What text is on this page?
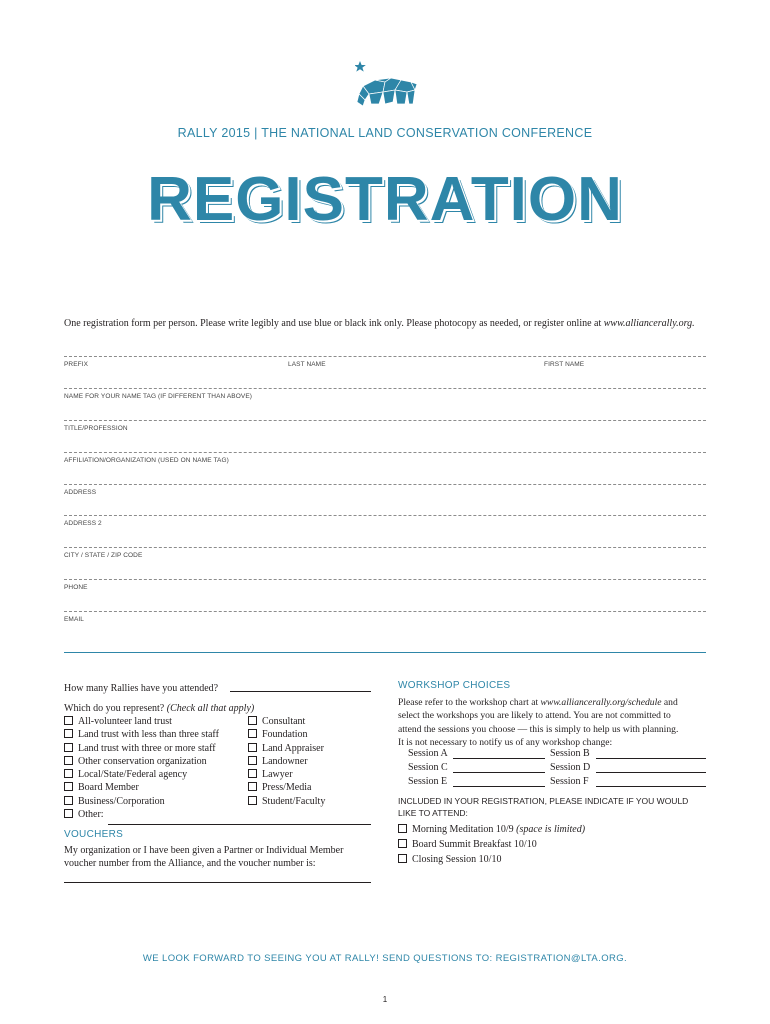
RALLY 2015 | THE NATIONAL LAND CONSERVATION CONFERENCE
REGISTRATION
One registration form per person. Please write legibly and use blue or black ink only. Please photocopy as needed, or register online at www.alliancerally.org.
PREFIX	LAST NAME	FIRST NAME
NAME FOR YOUR NAME TAG (IF DIFFERENT THAN ABOVE)
TITLE/PROFESSION
AFFILIATION/ORGANIZATION (USED ON NAME TAG)
ADDRESS
ADDRESS 2
CITY / STATE / ZIP CODE
PHONE
EMAIL
How many Rallies have you attended?
Which do you represent? (Check all that apply)
All-volunteer land trust
Land trust with less than three staff
Land trust with three or more staff
Other conservation organization
Local/State/Federal agency
Board Member
Business/Corporation
Other:
Consultant
Foundation
Land Appraiser
Landowner
Lawyer
Press/Media
Student/Faculty
VOUCHERS
My organization or I have been given a Partner or Individual Member
voucher number from the Alliance, and the voucher number is:
WORKSHOP CHOICES
Please refer to the workshop chart at www.alliancerally.org/schedule and
select the workshops you are likely to attend. You are not committed to
attend the sessions you choose — this is simply to help us with planning.
It is not necessary to notify us of any workshop change:
Session A
Session C
Session E
Session B
Session D
Session F
INCLUDED IN YOUR REGISTRATION, PLEASE INDICATE IF YOU WOULD
LIKE TO ATTEND:
Morning Meditation 10/9 (space is limited)
Board Summit Breakfast 10/10
Closing Session 10/10
WE LOOK FORWARD TO SEEING YOU AT RALLY! SEND QUESTIONS TO: REGISTRATION@LTA.ORG.
1
